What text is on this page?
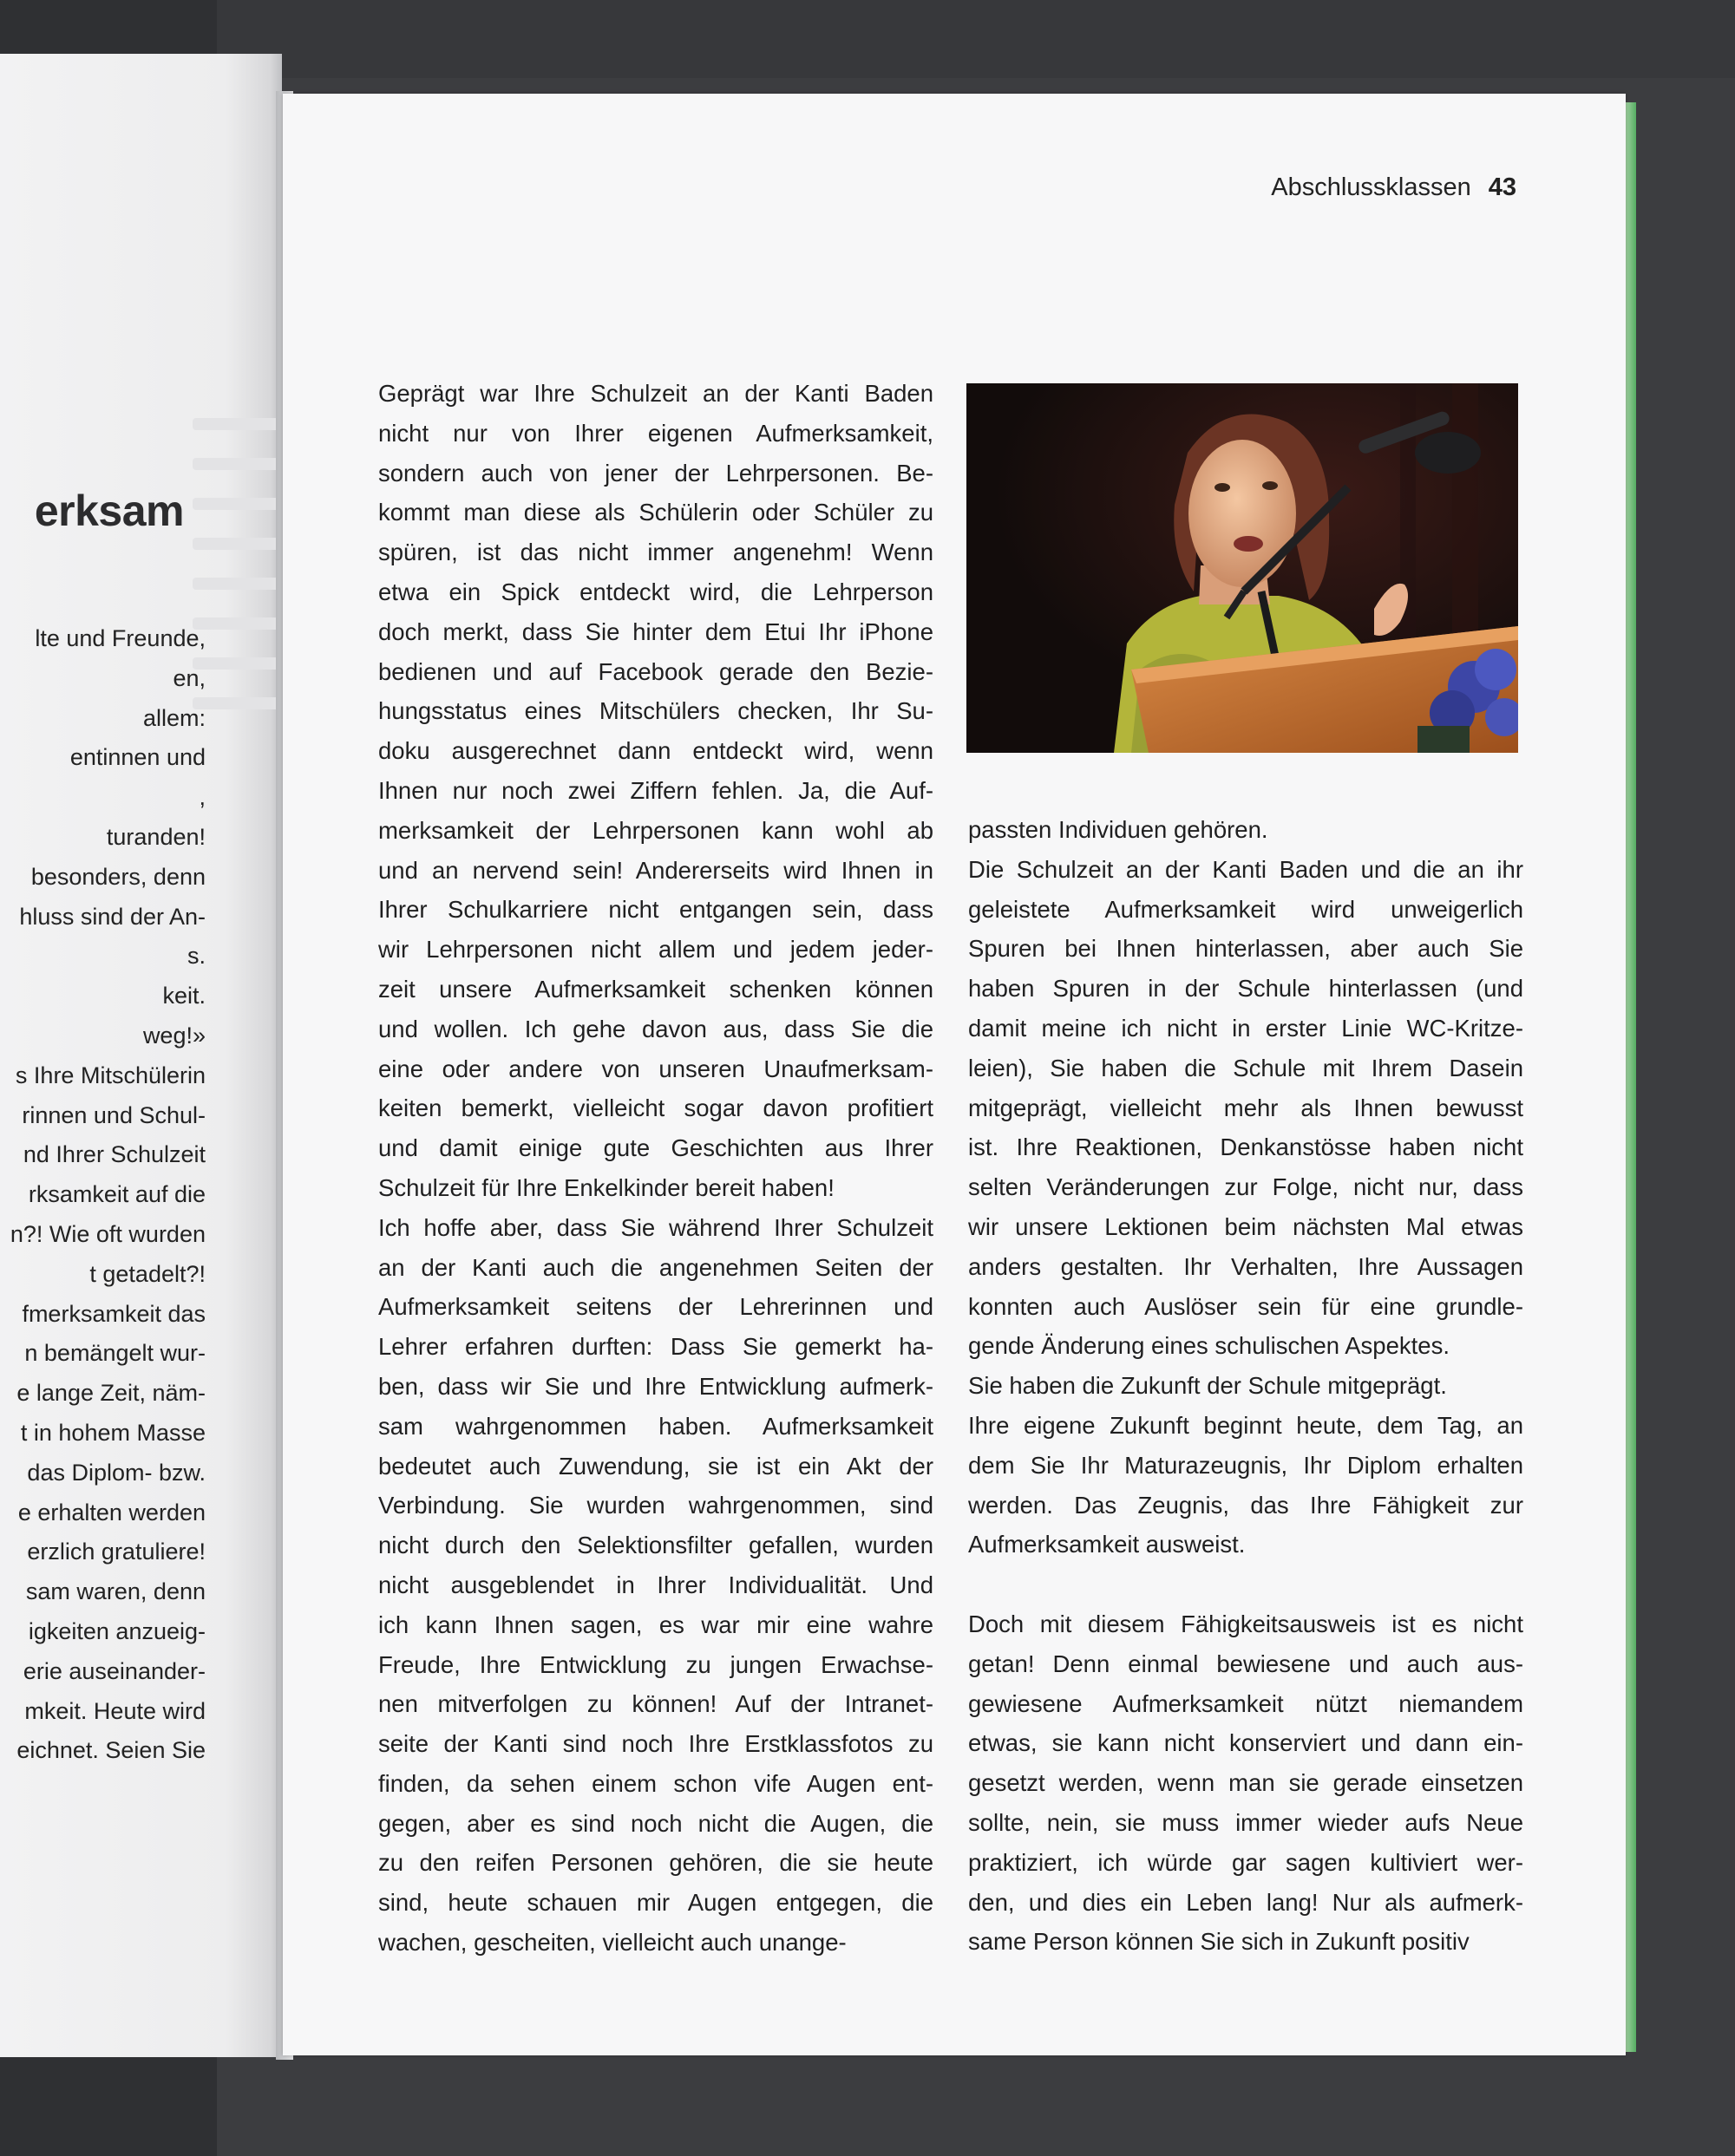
erksam
lte und Freunde,
en,
allem:
entinnen und
,
turanden!
besonders, denn
hluss sind der An-
s.
keit.
weg!»
s Ihre Mitschülerin
rinnen und Schul-
nd Ihrer Schulzeit
rksamkeit auf die
n?! Wie oft wurden
t getadelt?!
fmerksamkeit das
n bemängelt wur-
e lange Zeit, näm-
t in hohem Masse
das Diplom- bzw.
e erhalten werden
erzlich gratuliere!
sam waren, denn
igkeiten anzueig-
erie auseinander-
mkeit. Heute wird
eichnet. Seien Sie
Abschlussklassen 43
Geprägt war Ihre Schulzeit an der Kanti Baden
nicht nur von Ihrer eigenen Aufmerksamkeit,
sondern auch von jener der Lehrpersonen. Be-
kommt man diese als Schülerin oder Schüler zu
spüren, ist das nicht immer angenehm! Wenn
etwa ein Spick entdeckt wird, die Lehrperson
doch merkt, dass Sie hinter dem Etui Ihr iPhone
bedienen und auf Facebook gerade den Bezie-
hungsstatus eines Mitschülers checken, Ihr Su-
doku ausgerechnet dann entdeckt wird, wenn
Ihnen nur noch zwei Ziffern fehlen. Ja, die Auf-
merksamkeit der Lehrpersonen kann wohl ab
und an nervend sein! Andererseits wird Ihnen in
Ihrer Schulkarriere nicht entgangen sein, dass
wir Lehrpersonen nicht allem und jedem jeder-
zeit unsere Aufmerksamkeit schenken können
und wollen. Ich gehe davon aus, dass Sie die
eine oder andere von unseren Unaufmerksam-
keiten bemerkt, vielleicht sogar davon profitiert
und damit einige gute Geschichten aus Ihrer
Schulzeit für Ihre Enkelkinder bereit haben!
Ich hoffe aber, dass Sie während Ihrer Schulzeit
an der Kanti auch die angenehmen Seiten der
Aufmerksamkeit seitens der Lehrerinnen und
Lehrer erfahren durften: Dass Sie gemerkt ha-
ben, dass wir Sie und Ihre Entwicklung aufmerk-
sam wahrgenommen haben. Aufmerksamkeit
bedeutet auch Zuwendung, sie ist ein Akt der
Verbindung. Sie wurden wahrgenommen, sind
nicht durch den Selektionsfilter gefallen, wurden
nicht ausgeblendet in Ihrer Individualität. Und
ich kann Ihnen sagen, es war mir eine wahre
Freude, Ihre Entwicklung zu jungen Erwachse-
nen mitverfolgen zu können! Auf der Intranet-
seite der Kanti sind noch Ihre Erstklassfotos zu
finden, da sehen einem schon vife Augen ent-
gegen, aber es sind noch nicht die Augen, die
zu den reifen Personen gehören, die sie heute
sind, heute schauen mir Augen entgegen, die
wachen, gescheiten, vielleicht auch unange-
passten Individuen gehören.
Die Schulzeit an der Kanti Baden und die an ihr
geleistete Aufmerksamkeit wird unweigerlich
Spuren bei Ihnen hinterlassen, aber auch Sie
haben Spuren in der Schule hinterlassen (und
damit meine ich nicht in erster Linie WC-Kritze-
leien), Sie haben die Schule mit Ihrem Dasein
mitgeprägt, vielleicht mehr als Ihnen bewusst
ist. Ihre Reaktionen, Denkanstösse haben nicht
selten Veränderungen zur Folge, nicht nur, dass
wir unsere Lektionen beim nächsten Mal etwas
anders gestalten. Ihr Verhalten, Ihre Aussagen
konnten auch Auslöser sein für eine grundle-
gende Änderung eines schulischen Aspektes.
Sie haben die Zukunft der Schule mitgeprägt.
Ihre eigene Zukunft beginnt heute, dem Tag, an
dem Sie Ihr Maturazeugnis, Ihr Diplom erhalten
werden. Das Zeugnis, das Ihre Fähigkeit zur
Aufmerksamkeit ausweist.
Doch mit diesem Fähigkeitsausweis ist es nicht
getan! Denn einmal bewiesene und auch aus-
gewiesene Aufmerksamkeit nützt niemandem
etwas, sie kann nicht konserviert und dann ein-
gesetzt werden, wenn man sie gerade einsetzen
sollte, nein, sie muss immer wieder aufs Neue
praktiziert, ich würde gar sagen kultiviert wer-
den, und dies ein Leben lang! Nur als aufmerk-
same Person können Sie sich in Zukunft positiv
